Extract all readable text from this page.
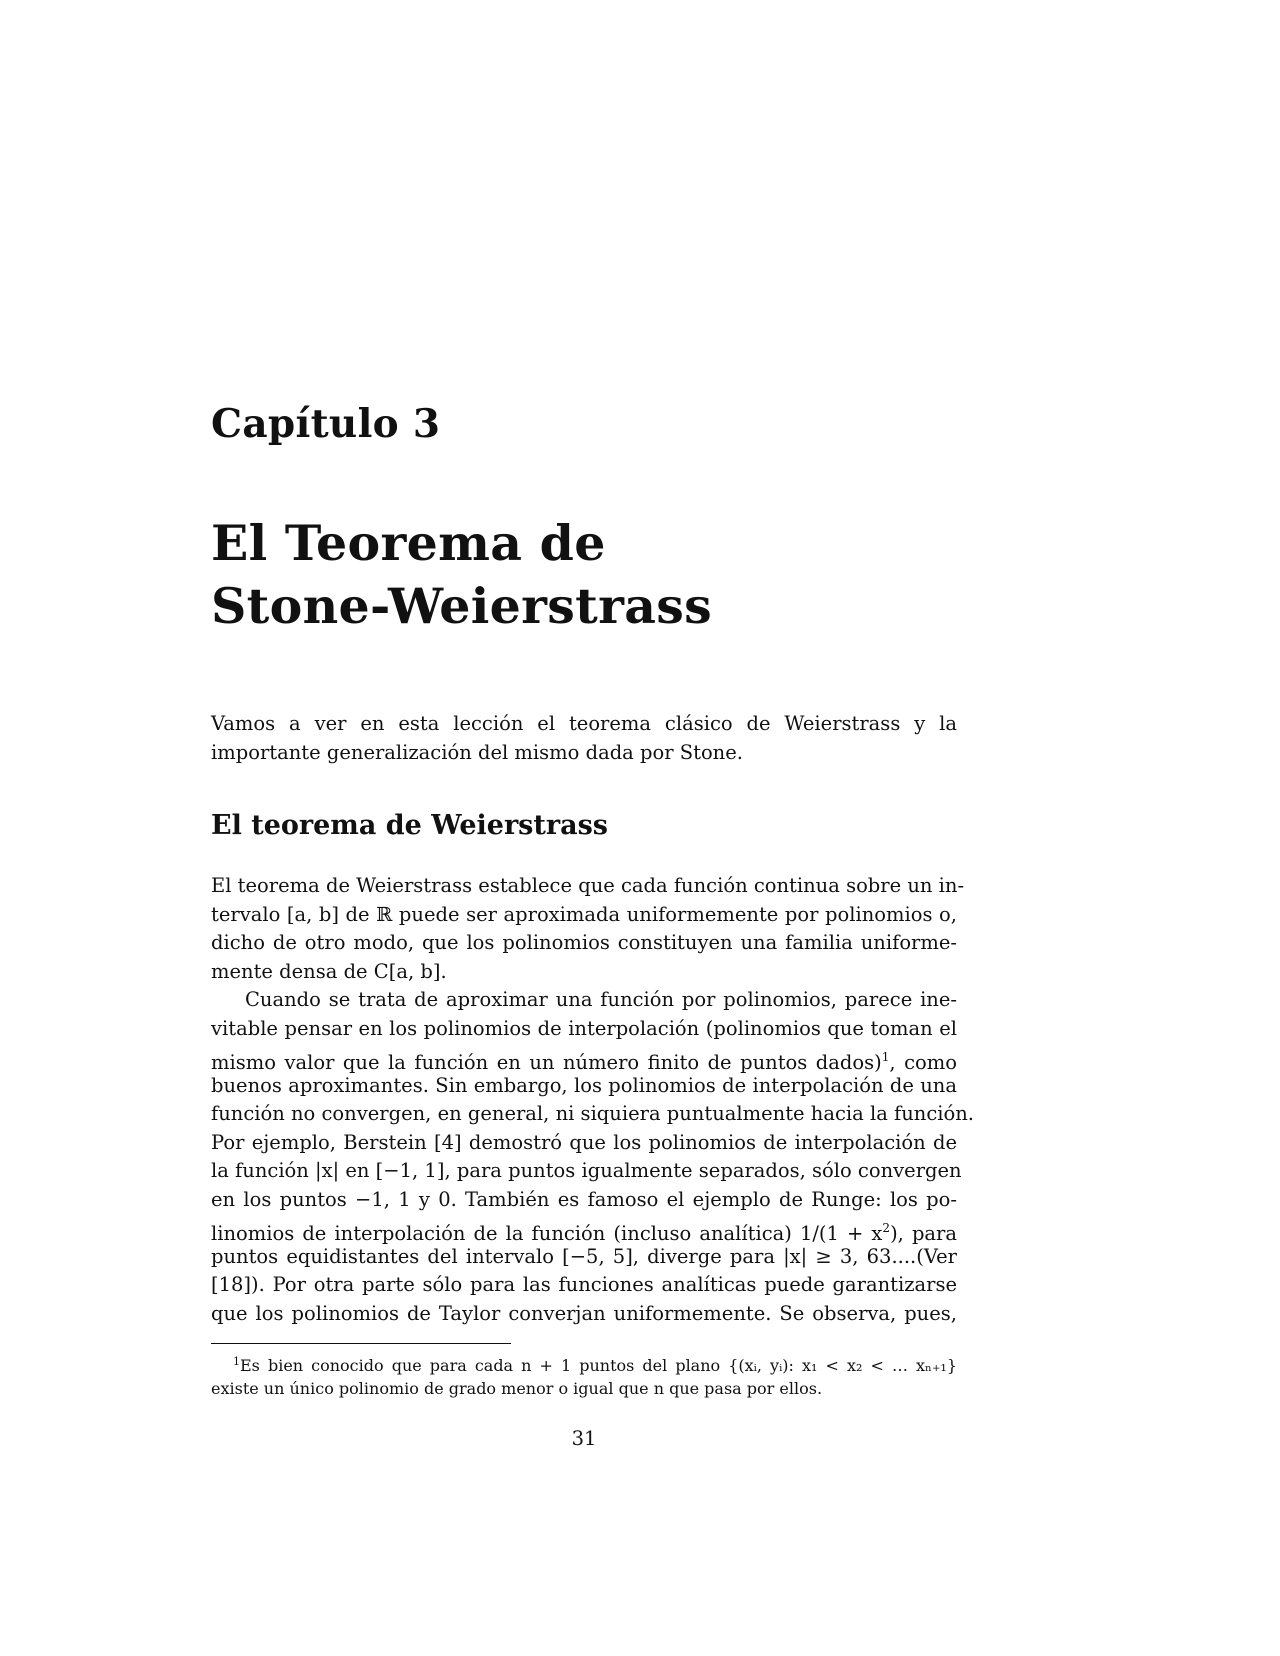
Capítulo 3
El Teorema de
Stone-Weierstrass

Vamos a ver en esta lección el teorema clásico de Weierstrass y la importante generalización del mismo dada por Stone.

El teorema de Weierstrass
El teorema de Weierstrass establece que cada función continua sobre un in-
tervalo [a, b] de ℝ puede ser aproximada uniformemente por polinomios o,
dicho de otro modo, que los polinomios constituyen una familia uniforme-
mente densa de C[a, b].
Cuando se trata de aproximar una función por polinomios, parece ine-
vitable pensar en los polinomios de interpolación (polinomios que toman el
mismo valor que la función en un número finito de puntos dados)$^1$, como
buenos aproximantes. Sin embargo, los polinomios de interpolación de una
función no convergen, en general, ni siquiera puntualmente hacia la función.
Por ejemplo, Berstein [4] demostró que los polinomios de interpolación de
la función |x| en [−1, 1], para puntos igualmente separados, sólo convergen
en los puntos −1, 1 y 0. También es famoso el ejemplo de Runge: los po-
linomios de interpolación de la función (incluso analítica) $1/(1 + x^2)$, para
puntos equidistantes del intervalo [−5, 5], diverge para |x| ≥ 3, 63....(Ver
[18]). Por otra parte sólo para las funciones analíticas puede garantizarse
que los polinomios de Taylor converjan uniformemente. Se observa, pues,
$^1$Es bien conocido que para cada n + 1 puntos del plano {(xᵢ, yᵢ): x₁ < x₂ < … xₙ₊₁}
existe un único polinomio de grado menor o igual que n que pasa por ellos.
31
